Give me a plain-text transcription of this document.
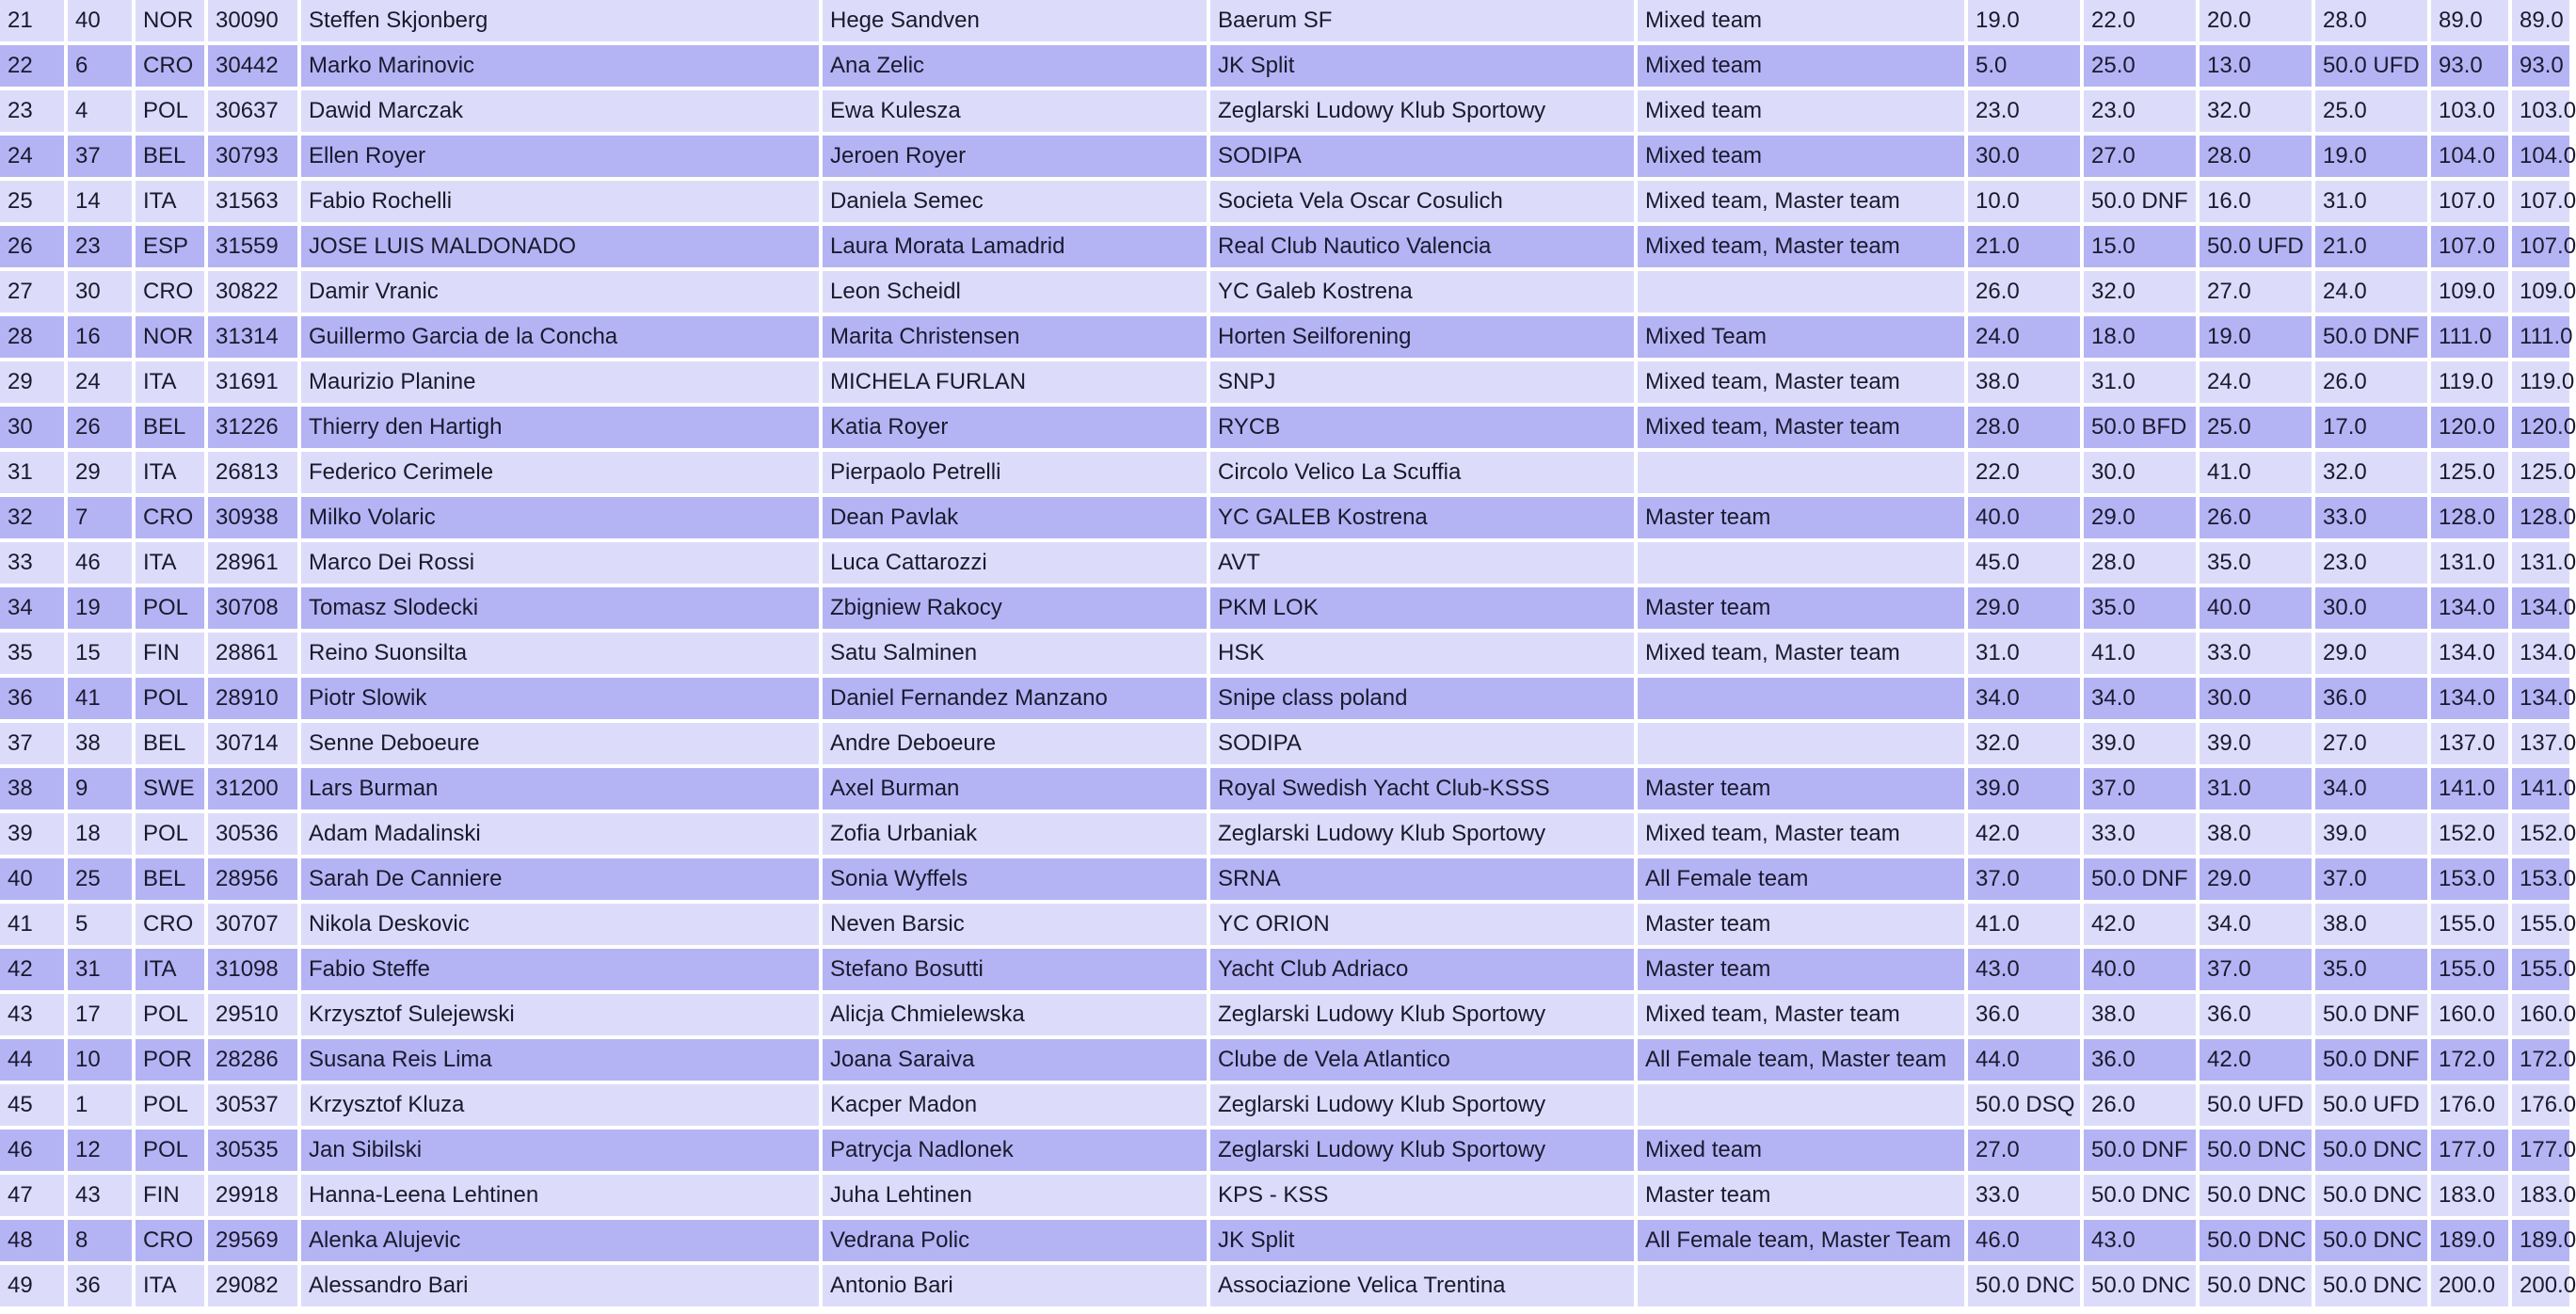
21	40	NOR	30090	Steffen Skjonberg	Hege Sandven	Baerum SF	Mixed team	19.0	22.0	20.0	28.0	89.0	89.0
22	6	CRO	30442	Marko Marinovic	Ana Zelic	JK Split	Mixed team	5.0	25.0	13.0	50.0 UFD	93.0	93.0
23	4	POL	30637	Dawid Marczak	Ewa Kulesza	Zeglarski Ludowy Klub Sportowy	Mixed team	23.0	23.0	32.0	25.0	103.0	103.0
24	37	BEL	30793	Ellen Royer	Jeroen Royer	SODIPA	Mixed team	30.0	27.0	28.0	19.0	104.0	104.0
25	14	ITA	31563	Fabio Rochelli	Daniela Semec	Societa Vela Oscar Cosulich	Mixed team, Master team	10.0	50.0 DNF	16.0	31.0	107.0	107.0
26	23	ESP	31559	JOSE LUIS MALDONADO	Laura Morata Lamadrid	Real Club Nautico Valencia	Mixed team, Master team	21.0	15.0	50.0 UFD	21.0	107.0	107.0
27	30	CRO	30822	Damir Vranic	Leon Scheidl	YC Galeb Kostrena		26.0	32.0	27.0	24.0	109.0	109.0
28	16	NOR	31314	Guillermo Garcia de la Concha	Marita Christensen	Horten Seilforening	Mixed Team	24.0	18.0	19.0	50.0 DNF	111.0	111.0
29	24	ITA	31691	Maurizio Planine	MICHELA FURLAN	SNPJ	Mixed team, Master team	38.0	31.0	24.0	26.0	119.0	119.0
30	26	BEL	31226	Thierry den Hartigh	Katia Royer	RYCB	Mixed team, Master team	28.0	50.0 BFD	25.0	17.0	120.0	120.0
31	29	ITA	26813	Federico Cerimele	Pierpaolo Petrelli	Circolo Velico La Scuffia		22.0	30.0	41.0	32.0	125.0	125.0
32	7	CRO	30938	Milko Volaric	Dean Pavlak	YC GALEB Kostrena	Master team	40.0	29.0	26.0	33.0	128.0	128.0
33	46	ITA	28961	Marco Dei Rossi	Luca Cattarozzi	AVT		45.0	28.0	35.0	23.0	131.0	131.0
34	19	POL	30708	Tomasz Slodecki	Zbigniew Rakocy	PKM LOK	Master team	29.0	35.0	40.0	30.0	134.0	134.0
35	15	FIN	28861	Reino Suonsilta	Satu Salminen	HSK	Mixed team, Master team	31.0	41.0	33.0	29.0	134.0	134.0
36	41	POL	28910	Piotr Slowik	Daniel Fernandez Manzano	Snipe class poland		34.0	34.0	30.0	36.0	134.0	134.0
37	38	BEL	30714	Senne Deboeure	Andre Deboeure	SODIPA		32.0	39.0	39.0	27.0	137.0	137.0
38	9	SWE	31200	Lars Burman	Axel Burman	Royal Swedish Yacht Club-KSSS	Master team	39.0	37.0	31.0	34.0	141.0	141.0
39	18	POL	30536	Adam Madalinski	Zofia Urbaniak	Zeglarski Ludowy Klub Sportowy	Mixed team, Master team	42.0	33.0	38.0	39.0	152.0	152.0
40	25	BEL	28956	Sarah De Canniere	Sonia Wyffels	SRNA	All Female team	37.0	50.0 DNF	29.0	37.0	153.0	153.0
41	5	CRO	30707	Nikola Deskovic	Neven Barsic	YC ORION	Master team	41.0	42.0	34.0	38.0	155.0	155.0
42	31	ITA	31098	Fabio Steffe	Stefano Bosutti	Yacht Club Adriaco	Master team	43.0	40.0	37.0	35.0	155.0	155.0
43	17	POL	29510	Krzysztof Sulejewski	Alicja Chmielewska	Zeglarski Ludowy Klub Sportowy	Mixed team, Master team	36.0	38.0	36.0	50.0 DNF	160.0	160.0
44	10	POR	28286	Susana Reis Lima	Joana Saraiva	Clube de Vela Atlantico	All Female team, Master team	44.0	36.0	42.0	50.0 DNF	172.0	172.0
45	1	POL	30537	Krzysztof Kluza	Kacper Madon	Zeglarski Ludowy Klub Sportowy		50.0 DSQ	26.0	50.0 UFD	50.0 UFD	176.0	176.0
46	12	POL	30535	Jan Sibilski	Patrycja Nadlonek	Zeglarski Ludowy Klub Sportowy	Mixed team	27.0	50.0 DNF	50.0 DNC	50.0 DNC	177.0	177.0
47	43	FIN	29918	Hanna-Leena Lehtinen	Juha Lehtinen	KPS - KSS	Master team	33.0	50.0 DNC	50.0 DNC	50.0 DNC	183.0	183.0
48	8	CRO	29569	Alenka Alujevic	Vedrana Polic	JK Split	All Female team, Master Team	46.0	43.0	50.0 DNC	50.0 DNC	189.0	189.0
49	36	ITA	29082	Alessandro Bari	Antonio Bari	Associazione Velica Trentina		50.0 DNC	50.0 DNC	50.0 DNC	50.0 DNC	200.0	200.0
